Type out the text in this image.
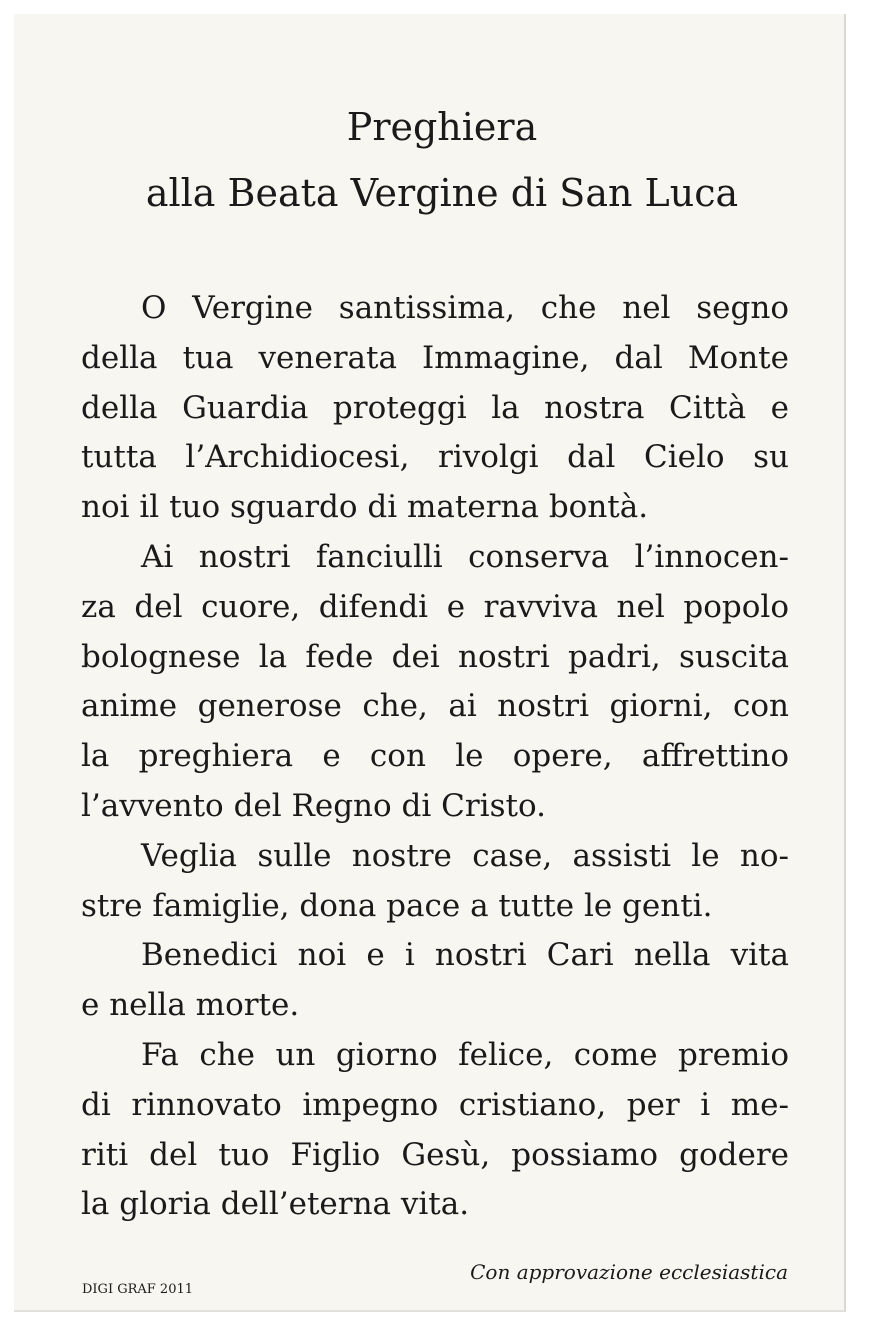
Preghiera
alla Beata Vergine di San Luca
O Vergine santissima, che nel segno
della tua venerata Immagine, dal Monte
della Guardia proteggi la nostra Città e
tutta l’Archidiocesi, rivolgi dal Cielo su
noi il tuo sguardo di materna bontà.
Ai nostri fanciulli conserva l’innocen-
za del cuore, difendi e ravviva nel popolo
bolognese la fede dei nostri padri, suscita
anime generose che, ai nostri giorni, con
la preghiera e con le opere, affrettino
l’avvento del Regno di Cristo.
Veglia sulle nostre case, assisti le no-
stre famiglie, dona pace a tutte le genti.
Benedici noi e i nostri Cari nella vita
e nella morte.
Fa che un giorno felice, come premio
di rinnovato impegno cristiano, per i me-
riti del tuo Figlio Gesù, possiamo godere
la gloria dell’eterna vita.
Con approvazione ecclesiastica
DIGI GRAF 2011
